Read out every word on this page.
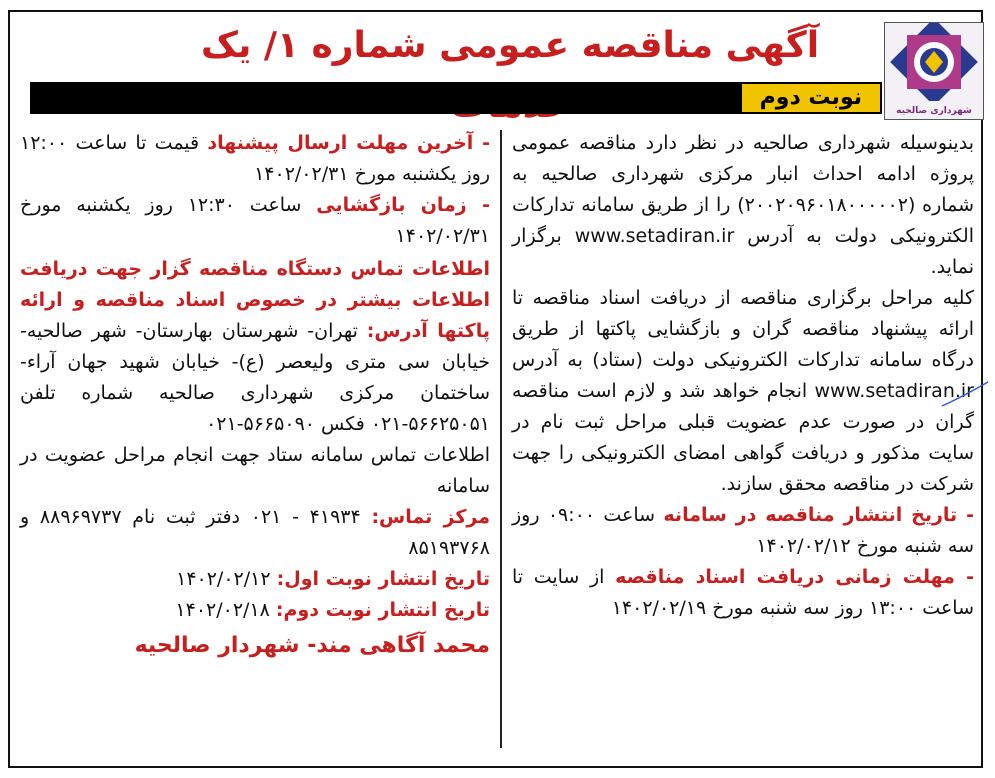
شهرداری صالحیه
آگهی مناقصه عمومی شماره ۱/ یک
نوبت دوم

بدینوسیله شهرداری صالحیه در نظر دارد مناقصه عمومی پروژه ادامه احداث انبار مرکزی شهرداری صالحیه به شماره (۲۰۰۲۰۹۶۰۱۸۰۰۰۰۰۲) را از طریق سامانه تدارکات الکترونیکی دولت به آدرس www.setadiran.ir برگزار نماید.

کلیه مراحل برگزاری مناقصه از دریافت اسناد مناقصه تا ارائه پیشنهاد مناقصه گران و بازگشایی پاکتها از طریق درگاه سامانه تدارکات الکترونیکی دولت (ستاد) به آدرس www.setadiran.ir انجام خواهد شد و لازم است مناقصه گران در صورت عدم عضویت قبلی مراحل ثبت نام در سایت مذکور و دریافت گواهی امضای الکترونیکی را جهت شرکت در مناقصه محقق سازند.

- تاریخ انتشار مناقصه در سامانه ساعت ۰۹:۰۰ روز سه شنبه مورخ ۱۴۰۲/۰۲/۱۲

- مهلت زمانی دریافت اسناد مناقصه از سایت تا ساعت ۱۳:۰۰ روز سه شنبه مورخ ۱۴۰۲/۰۲/۱۹

- آخرین مهلت ارسال پیشنهاد قیمت تا ساعت ۱۲:۰۰ روز یکشنبه مورخ ۱۴۰۲/۰۲/۳۱

- زمان بازگشایی ساعت ۱۲:۳۰ روز یکشنبه مورخ ۱۴۰۲/۰۲/۳۱

اطلاعات تماس دستگاه مناقصه گزار جهت دریافت اطلاعات بیشتر در خصوص اسناد مناقصه و ارائه پاکتها آدرس: تهران- شهرستان بهارستان- شهر صالحیه- خیابان سی متری ولیعصر (ع)- خیابان شهید جهان آراء- ساختمان مرکزی شهرداری صالحیه شماره تلفن ۵۶۶۲۵۰۵۱-۰۲۱ فکس ۵۶۶۵۰۹۰-۰۲۱

اطلاعات تماس سامانه ستاد جهت انجام مراحل عضویت در سامانه

مرکز تماس: ۴۱۹۳۴ - ۰۲۱ دفتر ثبت نام ۸۸۹۶۹۷۳۷ و ۸۵۱۹۳۷۶۸

تاریخ انتشار نوبت اول: ۱۴۰۲/۰۲/۱۲

تاریخ انتشار نوبت دوم: ۱۴۰۲/۰۲/۱۸

محمد آگاهی مند- شهردار صالحیه
